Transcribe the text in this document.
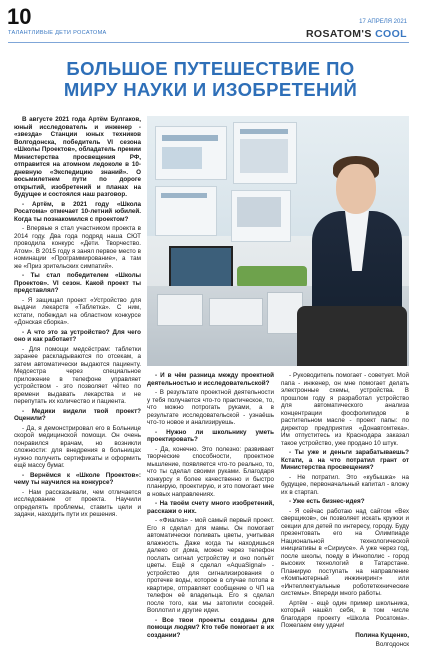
10
ТАЛАНТЛИВЫЕ ДЕТИ РОСАТОМА
17 АПРЕЛЯ 2021
ROSATOM'S COOL
БОЛЬШОЕ ПУТЕШЕСТВИЕ ПО
МИРУ НАУКИ И ИЗОБРЕТЕНИЙ

В августе 2021 года Артём Булгаков, юный исследователь и инженер - «звезда» Станции юных техников Волгодонска, победитель VI сезона «Школы Проектов», обладатель премии Министерства просвещения РФ, отправится на атомном ледоколе в 10-дневную «Экспедицию знаний». О восьмилетнем пути по дороге открытий, изобретений и планах на будущее и состоялся наш разговор.

- Артём, в 2021 году «Школа Росатома» отмечает 10-летний юбилей. Когда ты познакомился с проектом?

- Впервые я стал участником проекта в 2014 году. Два года подряд наша СЮТ проводила конкурс «Дети. Творчество. Атом». В 2015 году я занял первое место в номинации «Программирование», а там же «Приз зрительских симпатий».

- Ты стал победителем «Школы Проектов». VI сезон. Какой проект ты представлял?

- Я защищал проект «Устройство для выдачи лекарств «Таблетка». С ним, кстати, побеждал на областном конкурсе «Донская сборка».

- А что это за устройство? Для чего оно и как работает?

- Для помощи медсёстрам: таблетки заранее раскладываются по отсекам, а затем автоматически выдаются пациенту. Медсестра через специальное приложение в телефоне управляет устройством - это позволяет чётко по времени выдавать лекарства и не перепутать их количество и пациента.

- Медики видели твой проект? Оценили?

- Да, я демонстрировал его в Больнице скорой медицинской помощи. Он очень понравился врачам, но возникли сложности: для внедрения в больницах нужно получить сертификаты и оформить ещё массу бумаг.

- Вернёмся к «Школе Проектов»: чему ты научился на конкурсе?

- Нам рассказывали, чем отличается исследование от проекта. Научили определять проблемы, ставить цели и задачи, находить пути их решения.

- И в чём разница между проектной деятельностью и исследовательской?

- В результате проектной деятельности у тебя получается что-то практическое, то, что можно потрогать руками, а в результате исследовательской - узнаёшь что-то новое и анализируешь.

- Нужно ли школьнику уметь проектировать?

- Да, конечно. Это полезно: развивает творческие способности, проектное мышление, появляется что-то реально, то, что ты сделал своими руками. Благодаря конкурсу я более качественно и быстро планирую, проектирую, и это помогает мне в новых направлениях.

- На твоём счету много изобретений, расскажи о них.

- «Фиалка» - мой самый первый проект. Его я сделал для мамы. Он помогает автоматически поливать цветы, учитывая влажность. Даже когда ты находишься далеко от дома, можно через телефон послать сигнал устройству и оно польёт цветы. Ещё я сделал «AquaSignal» - устройство для сигнализирования о протечке воды, которое в случае потопа в квартире, отправляет сообщение о ЧП на телефон её владельца. Его я сделал после того, как мы затопили соседей. Воплотил и другие идеи.

- Все твои проекты созданы для помощи людям? Кто тебе помогает в их создании?

- Руководитель помогает - советует. Мой папа - инженер, он мне помогает делать электронные схемы, устройства. В прошлом году я разработал устройство для автоматического анализа концентрации фосфолипидов в растительном масле - проект папы: по директор предприятия «Донавтомтека». Им отпуститесь из Краснодара заказал такое устройство, уже продано 10 штук.

- Ты уже и деньги зарабатываешь? Кстати, а на что потратил грант от Министерства просвещения?

- Не потратил. Это «кубышка» на будущее, первоначальный капитал - вложу их в стартап.

- Уже есть бизнес-идея?

- Я сейчас работаю над сайтом «Вех сверщиков», он позволяет искать кружки и секции для детей по интересу, городу. Буду презентовать его на Олимпиаде Национальной технологической инициативы в «Сириусе». А уже через год, после школы, поеду в Иннополис - город высоких технологий в Татарстане. Планирую поступать на направление «Компьютерный инжиниринг» или «Интеллектуальные роботетехнические системы». Впереди много работы.

Артём - ещё один пример школьника, который нашёл себя, в том числе благодаря проекту «Школа Росатома». Пожелаем ему удачи!

Полина Кущенко,

Волгодонск
